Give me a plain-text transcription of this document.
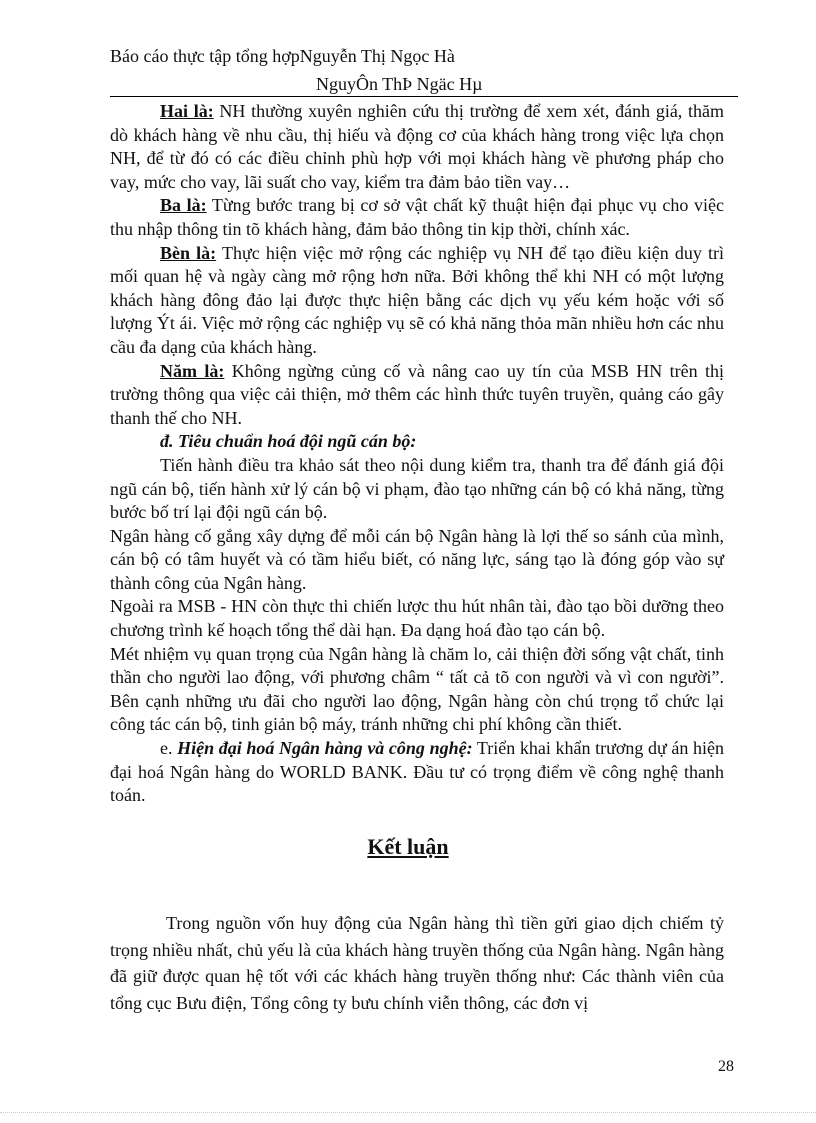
Báo cáo thực tập tổng hợpNguyễn Thị Ngọc Hà
NguyÔn ThÞ Ngäc Hµ

Hai là: NH thường xuyên nghiên cứu thị trường để xem xét, đánh giá, thăm dò khách hàng về nhu cầu, thị hiếu và động cơ của khách hàng trong việc lựa chọn NH, để từ đó có các điều chỉnh phù hợp với mọi khách hàng về phương pháp cho vay, mức cho vay, lãi suất cho vay, kiểm tra đảm bảo tiền vay…

Ba là: Từng bước trang bị cơ sở vật chất kỹ thuật hiện đại phục vụ cho việc thu nhập thông tin tõ khách hàng, đảm bảo thông tin kịp thời, chính xác.

Bèn là: Thực hiện việc mở rộng các nghiệp vụ NH để tạo điều kiện duy trì mối quan hệ và ngày càng mở rộng hơn nữa. Bởi không thể khi NH có một lượng khách hàng đông đảo lại được thực hiện bằng các dịch vụ yếu kém hoặc với số lượng Ýt ái. Việc mở rộng các nghiệp vụ sẽ có khả năng thỏa mãn nhiều hơn các nhu cầu đa dạng của khách hàng.

Năm là: Không ngừng củng cố và nâng cao uy tín của MSB HN trên thị trường thông qua việc cải thiện, mở thêm các hình thức tuyên truyền, quảng cáo gây thanh thế cho NH.

đ. Tiêu chuẩn hoá đội ngũ cán bộ:

Tiến hành điều tra khảo sát theo nội dung kiểm tra, thanh tra để đánh giá đội ngũ cán bộ, tiến hành xử lý cán bộ vi phạm, đào tạo những cán bộ có khả năng, từng bước bố trí lại đội ngũ cán bộ.

Ngân hàng cố gắng xây dựng để mỗi cán bộ Ngân hàng là lợi thế so sánh của mình, cán bộ có tâm huyết và có tầm hiểu biết, có năng lực, sáng tạo là đóng góp vào sự thành công của Ngân hàng.

Ngoài ra MSB - HN còn thực thi chiến lược thu hút nhân tài, đào tạo bồi dưỡng theo chương trình kế hoạch tổng thể dài hạn. Đa dạng hoá đào tạo cán bộ.

Mét nhiệm vụ quan trọng của Ngân hàng là chăm lo, cải thiện đời sống vật chất, tinh thần cho người lao động, với phương châm “ tất cả tõ con người và vì con người”. Bên cạnh những ưu đãi cho người lao động, Ngân hàng còn chú trọng tổ chức lại công tác cán bộ, tinh giản bộ máy, tránh những chi phí không cần thiết.

e. Hiện đại hoá Ngân hàng và công nghệ: Triển khai khẩn trương dự án hiện đại hoá Ngân hàng do WORLD BANK. Đầu tư có trọng điểm về công nghệ thanh toán.

Kết luận

Trong nguồn vốn huy động của Ngân hàng thì tiền gửi giao dịch chiếm tỷ trọng nhiều nhất, chủ yếu là của khách hàng truyền thống của Ngân hàng. Ngân hàng đã giữ được quan hệ tốt với các khách hàng truyền thống như: Các thành viên của tổng cục Bưu điện, Tổng công ty bưu chính viễn thông, các đơn vị

28
